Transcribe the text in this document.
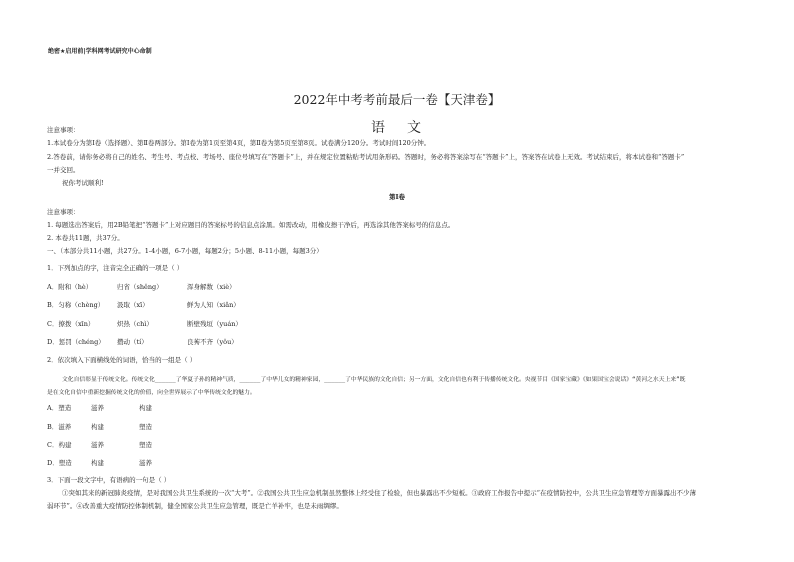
绝密★启用前|学科网考试研究中心命制
2022年中考考前最后一卷【天津卷】
语文
注意事项：
1.本试卷分为第Ⅰ卷（选择题）、第Ⅱ卷两部分。第Ⅰ卷为第1页至第4页，第Ⅱ卷为第5页至第8页。试卷满分120分。考试时间120分钟。
2.答卷前，请你务必将自己的姓名、考生号、考点校、考场号、座位号填写在“答题卡”上，并在规定位置粘贴考试用条形码。答题时，务必将答案涂写在“答题卡”上，答案答在试卷上无效。考试结束后，将本试卷和“答题卡”
一并交回。
祝你考试顺利!
第Ⅰ卷
注意事项：
1. 每题选出答案后，用2B铅笔把“答题卡”上对应题目的答案标号的信息点涂黑。如需改动，用橡皮擦干净后，再选涂其他答案标号的信息点。
2. 本卷共11题，共37分。
一、（本部分共11小题，共27分。1-4小题，6-7小题，每题2分；5小题、8-11小题，每题3分）
1．下列加点的字，注音完全正确的一项是（ ）
A．附和（hè）	归省（shěng）	浑身解数（xiè）
B．匀称（chèng） 汲取（xī）	鲜为人知（xiǎn）
C．撩拨（xīn）	炽热（chì）	断壁残垣（yuán）
D．惩罚（chéng） 攒动（tí）	良莠不齐（yǒu）
2．依次填入下面横线处的词语，恰当的一组是（ ）
文化自信彰显于传统文化。传统文化______了华夏子孙的精神气质，______了中华儿女的精神家园，______了中华民族的文化自信；另一方面，文化自信也有利于传播传统文化。央视节目《国家宝藏》《如果国宝会说话》“黄河之水天上来”既
是在文化自信中重新挖掘传统文化的价值，向全世界展示了中华传统文化的魅力。
A．塑造	滋养	构建
B．滋养	构建	塑造
C．构建	滋养	塑造
D．塑造	构建	滋养
3．下面一段文字中，有语病的一句是（ ）
①突如其来的新冠肺炎疫情，是对我国公共卫生系统的一次“大考”。②我国公共卫生应急机制虽然整体上经受住了检验，但也暴露出不少短板。③政府工作报告中提示“在疫情防控中，公共卫生应急管理等方面暴露出不少薄
弱环节”。④改善重大疫情防控体制机制，健全国家公共卫生应急管理，既是亡羊补牢，也是未雨绸缪。
